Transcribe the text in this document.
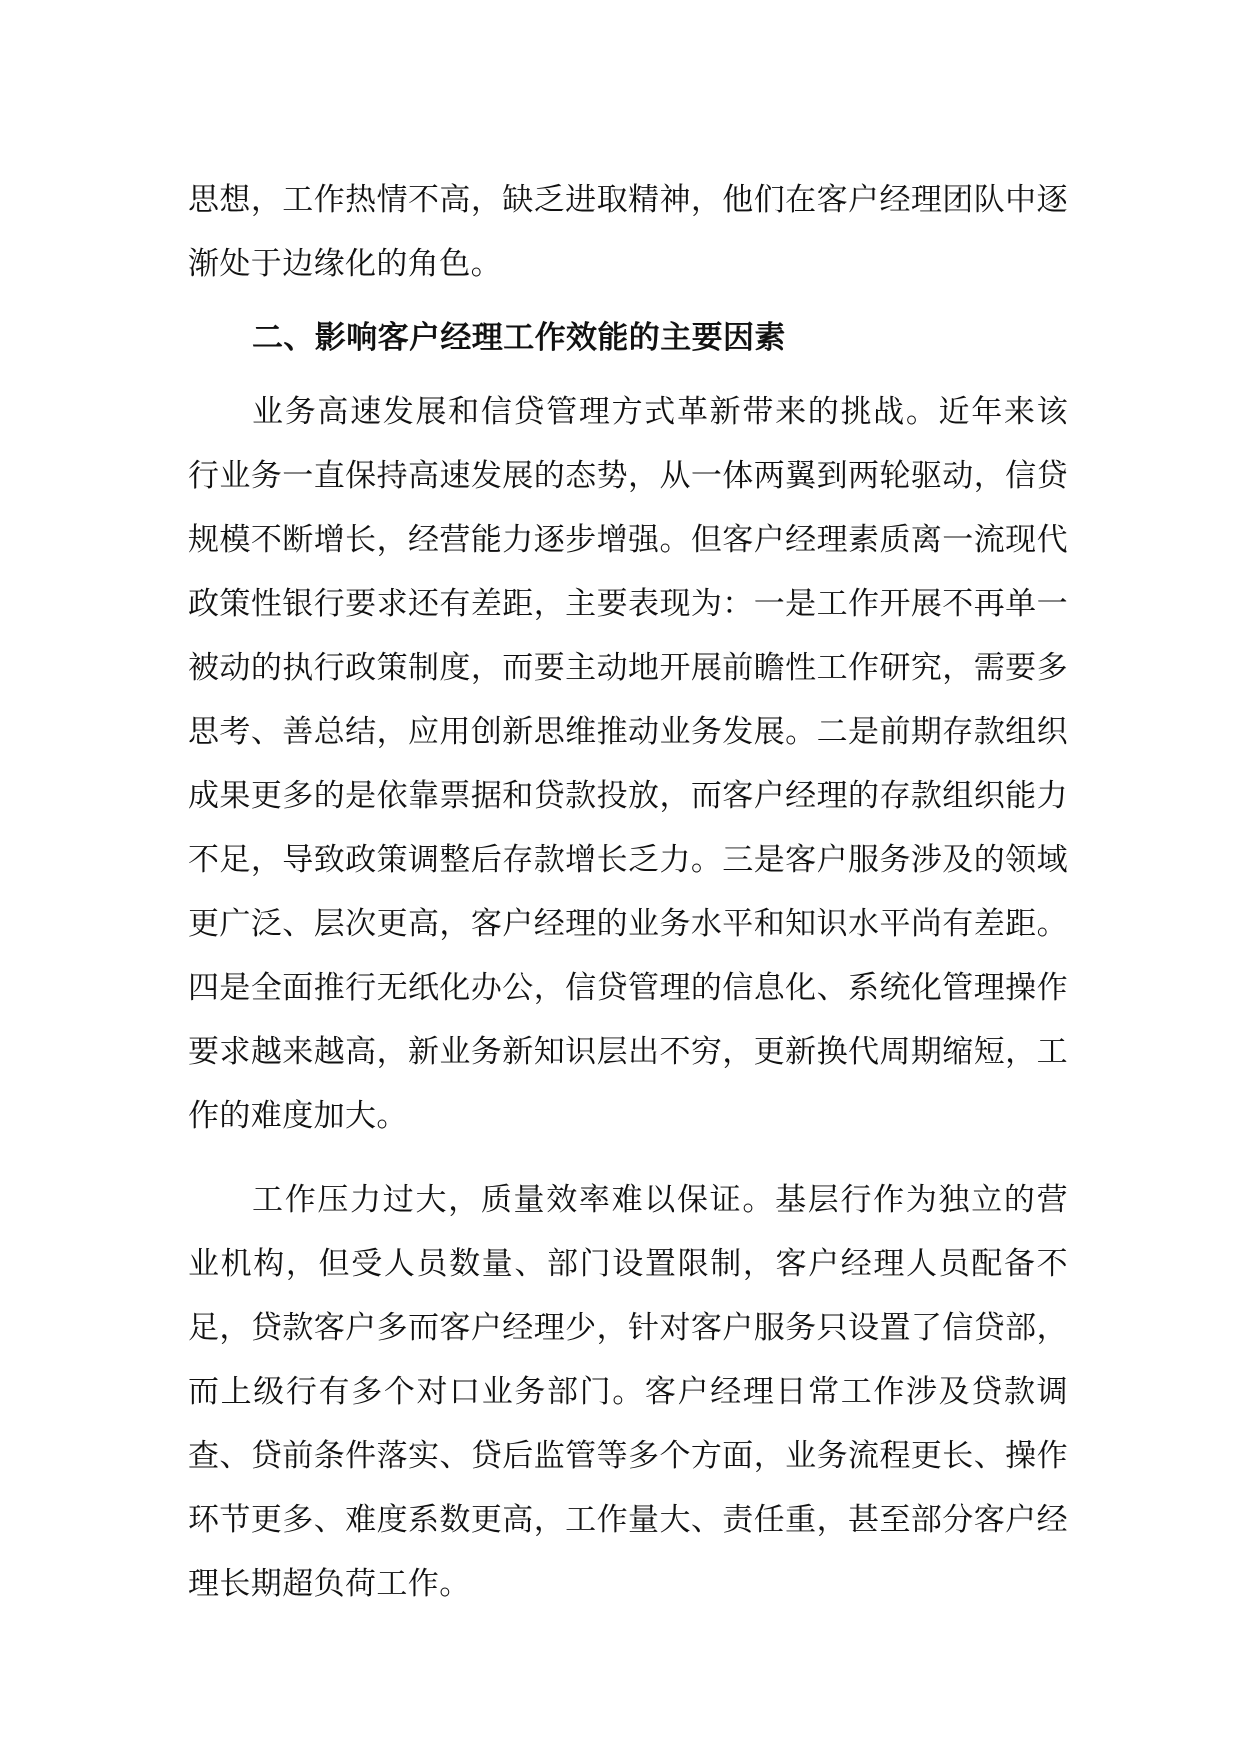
思想，工作热情不高，缺乏进取精神，他们在客户经理团队中逐渐处于边缘化的角色。

二、影响客户经理工作效能的主要因素

业务高速发展和信贷管理方式革新带来的挑战。近年来该行业务一直保持高速发展的态势，从一体两翼到两轮驱动，信贷规模不断增长，经营能力逐步增强。但客户经理素质离一流现代政策性银行要求还有差距，主要表现为：一是工作开展不再单一被动的执行政策制度，而要主动地开展前瞻性工作研究，需要多思考、善总结，应用创新思维推动业务发展。二是前期存款组织成果更多的是依靠票据和贷款投放，而客户经理的存款组织能力不足，导致政策调整后存款增长乏力。三是客户服务涉及的领域更广泛、层次更高，客户经理的业务水平和知识水平尚有差距。四是全面推行无纸化办公，信贷管理的信息化、系统化管理操作要求越来越高，新业务新知识层出不穷，更新换代周期缩短，工作的难度加大。

工作压力过大，质量效率难以保证。基层行作为独立的营业机构，但受人员数量、部门设置限制，客户经理人员配备不足，贷款客户多而客户经理少，针对客户服务只设置了信贷部，而上级行有多个对口业务部门。客户经理日常工作涉及贷款调查、贷前条件落实、贷后监管等多个方面，业务流程更长、操作环节更多、难度系数更高，工作量大、责任重，甚至部分客户经理长期超负荷工作。
